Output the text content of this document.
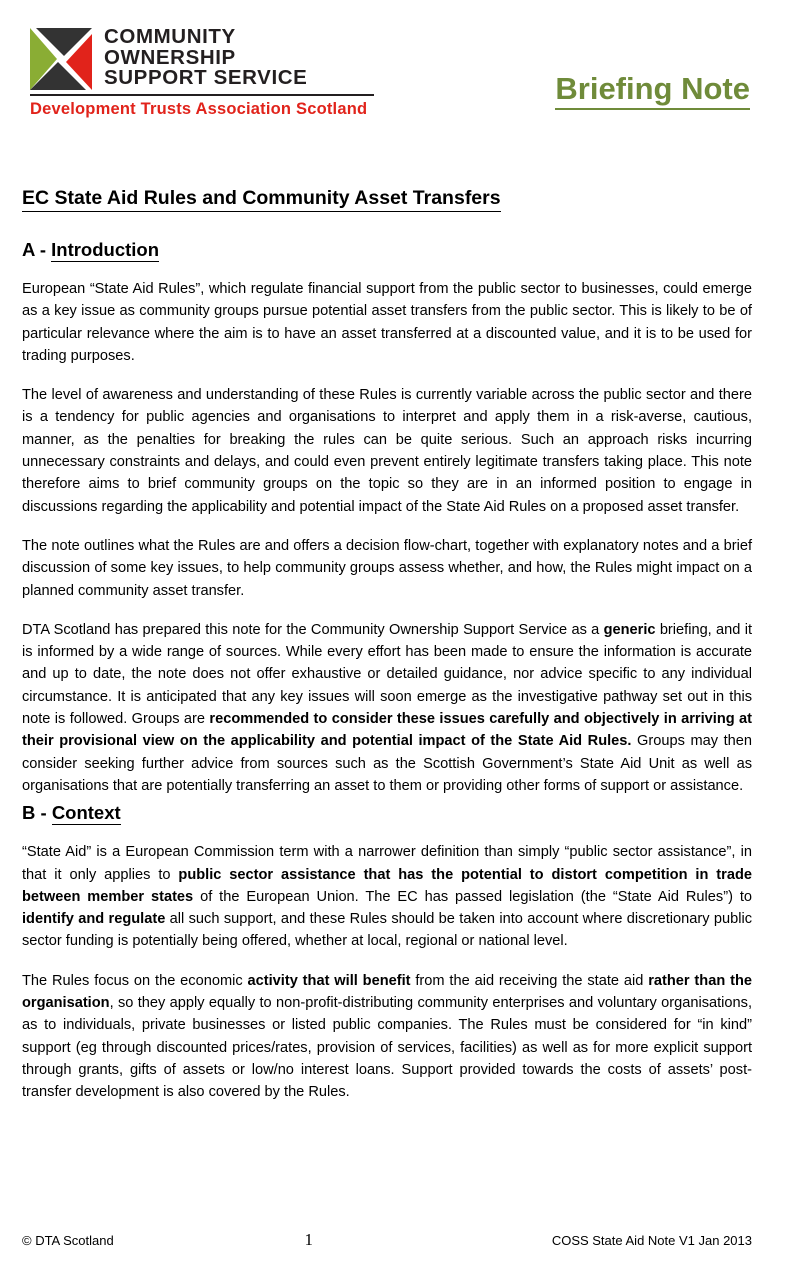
COMMUNITY
OWNERSHIP
SUPPORT SERVICE
Development Trusts Association Scotland
Briefing Note
EC State Aid Rules and Community Asset Transfers
A - Introduction

European “State Aid Rules”, which regulate financial support from the public sector to businesses, could emerge as a key issue as community groups pursue potential asset transfers from the public sector. This is likely to be of particular relevance where the aim is to have an asset transferred at a discounted value, and it is to be used for trading purposes.

The level of awareness and understanding of these Rules is currently variable across the public sector and there is a tendency for public agencies and organisations to interpret and apply them in a risk-averse, cautious, manner, as the penalties for breaking the rules can be quite serious. Such an approach risks incurring unnecessary constraints and delays, and could even prevent entirely legitimate transfers taking place. This note therefore aims to brief community groups on the topic so they are in an informed position to engage in discussions regarding the applicability and potential impact of the State Aid Rules on a proposed asset transfer.

The note outlines what the Rules are and offers a decision flow-chart, together with explanatory notes and a brief discussion of some key issues, to help community groups assess whether, and how, the Rules might impact on a planned community asset transfer.

DTA Scotland has prepared this note for the Community Ownership Support Service as a generic briefing, and it is informed by a wide range of sources. While every effort has been made to ensure the information is accurate and up to date, the note does not offer exhaustive or detailed guidance, nor advice specific to any individual circumstance. It is anticipated that any key issues will soon emerge as the investigative pathway set out in this note is followed. Groups are recommended to consider these issues carefully and objectively in arriving at their provisional view on the applicability and potential impact of the State Aid Rules. Groups may then consider seeking further advice from sources such as the Scottish Government’s State Aid Unit as well as organisations that are potentially transferring an asset to them or providing other forms of support or assistance.

B - Context

“State Aid” is a European Commission term with a narrower definition than simply “public sector assistance”, in that it only applies to public sector assistance that has the potential to distort competition in trade between member states of the European Union. The EC has passed legislation (the “State Aid Rules”) to identify and regulate all such support, and these Rules should be taken into account where discretionary public sector funding is potentially being offered, whether at local, regional or national level.

The Rules focus on the economic activity that will benefit from the aid receiving the state aid rather than the organisation, so they apply equally to non-profit-distributing community enterprises and voluntary organisations, as to individuals, private businesses or listed public companies. The Rules must be considered for “in kind” support (eg through discounted prices/rates, provision of services, facilities) as well as for more explicit support through grants, gifts of assets or low/no interest loans. Support provided towards the costs of assets’ post-transfer development is also covered by the Rules.

© DTA Scotland	1	COSS State Aid Note V1 Jan 2013
